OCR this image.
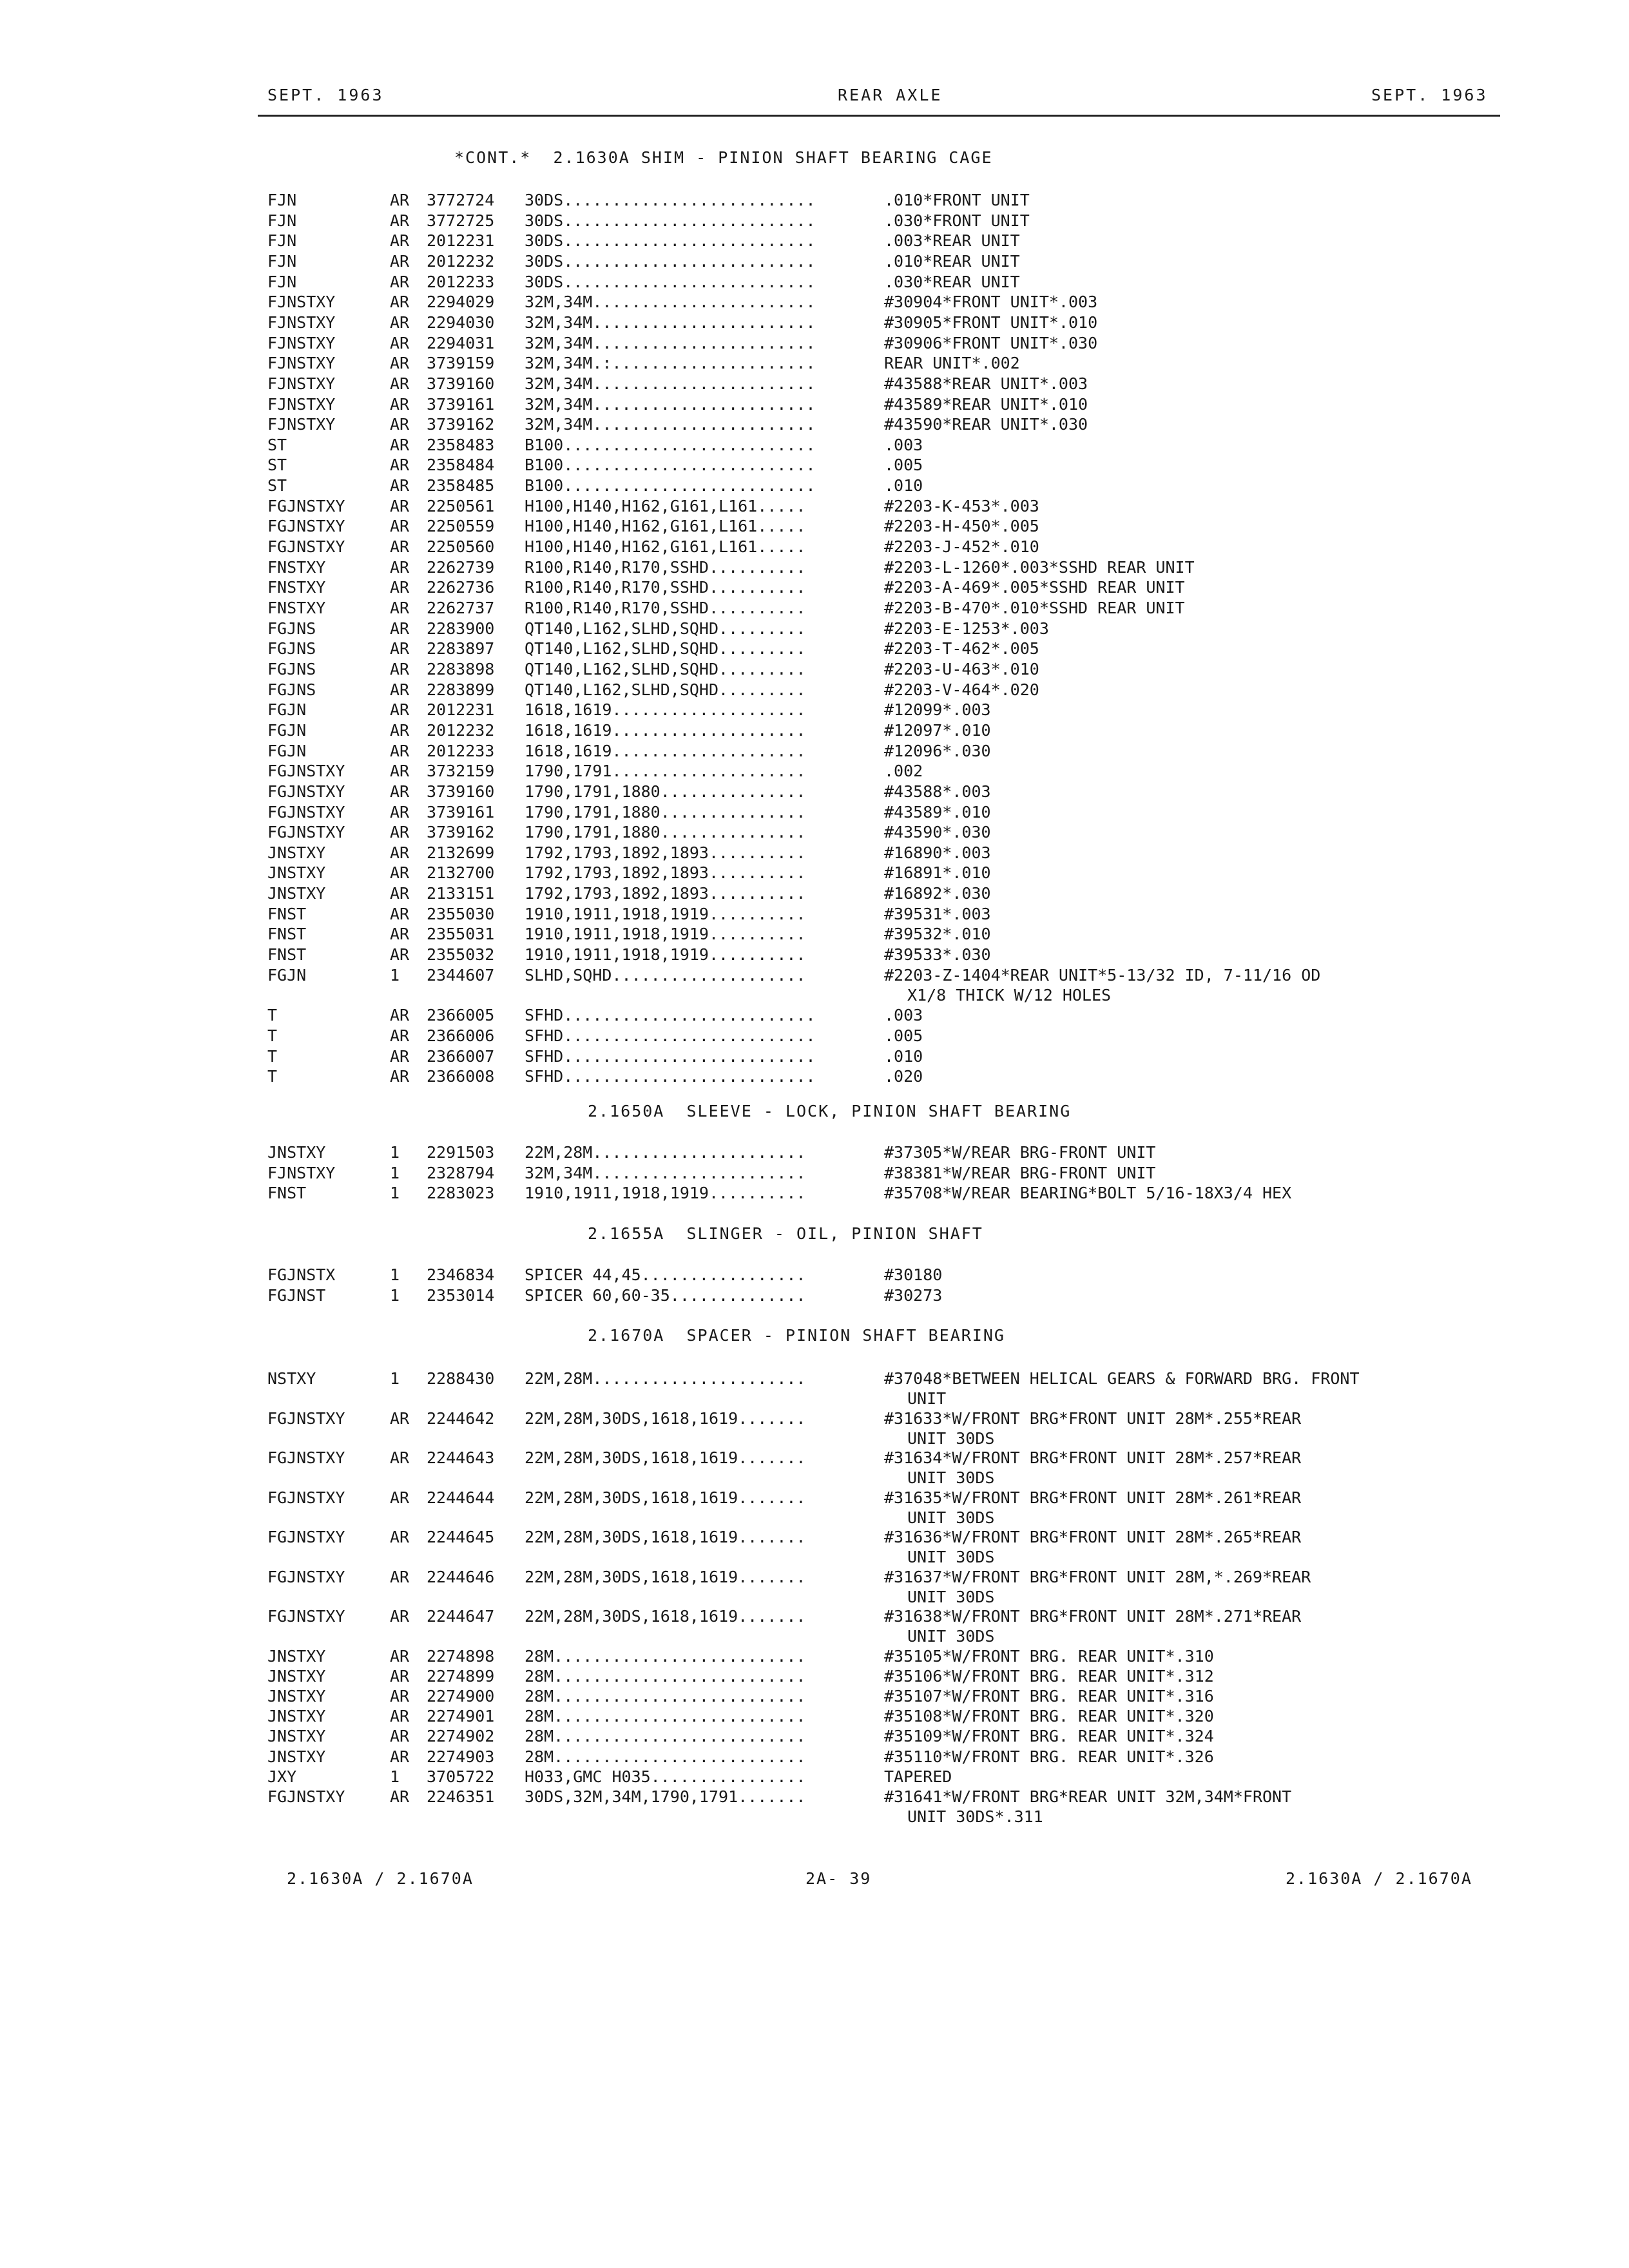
SEPT. 1963	REAR AXLE	SEPT. 1963
*CONT.*  2.1630A SHIM - PINION SHAFT BEARING CAGE
FJN	AR 3772724 30DS..........................	.010*FRONT UNIT
FJN	AR 3772725 30DS..........................	.030*FRONT UNIT
FJN	AR 2012231 30DS..........................	.003*REAR UNIT
FJN	AR 2012232 30DS..........................	.010*REAR UNIT
FJN	AR 2012233 30DS..........................	.030*REAR UNIT
FJNSTXY	AR 2294029 32M,34M.......................	#30904*FRONT UNIT*.003
FJNSTXY	AR 2294030 32M,34M.......................	#30905*FRONT UNIT*.010
FJNSTXY	AR 2294031 32M,34M.......................	#30906*FRONT UNIT*.030
FJNSTXY	AR 3739159 32M,34M.:.....................	REAR UNIT*.002
FJNSTXY	AR 3739160 32M,34M.......................	#43588*REAR UNIT*.003
FJNSTXY	AR 3739161 32M,34M.......................	#43589*REAR UNIT*.010
FJNSTXY	AR 3739162 32M,34M.......................	#43590*REAR UNIT*.030
ST	AR 2358483 B100..........................	.003
ST	AR 2358484 B100..........................	.005
ST	AR 2358485 B100..........................	.010
FGJNSTXY	AR 2250561 H100,H140,H162,G161,L161.....	#2203-K-453*.003
FGJNSTXY	AR 2250559 H100,H140,H162,G161,L161.....	#2203-H-450*.005
FGJNSTXY	AR 2250560 H100,H140,H162,G161,L161.....	#2203-J-452*.010
FNSTXY	AR 2262739 R100,R140,R170,SSHD..........	#2203-L-1260*.003*SSHD REAR UNIT
FNSTXY	AR 2262736 R100,R140,R170,SSHD..........	#2203-A-469*.005*SSHD REAR UNIT
FNSTXY	AR 2262737 R100,R140,R170,SSHD..........	#2203-B-470*.010*SSHD REAR UNIT
FGJNS	AR 2283900 QT140,L162,SLHD,SQHD.........	#2203-E-1253*.003
FGJNS	AR 2283897 QT140,L162,SLHD,SQHD.........	#2203-T-462*.005
FGJNS	AR 2283898 QT140,L162,SLHD,SQHD.........	#2203-U-463*.010
FGJNS	AR 2283899 QT140,L162,SLHD,SQHD.........	#2203-V-464*.020
FGJN	AR 2012231 1618,1619....................	#12099*.003
FGJN	AR 2012232 1618,1619....................	#12097*.010
FGJN	AR 2012233 1618,1619....................	#12096*.030
FGJNSTXY	AR 3732159 1790,1791....................	.002
FGJNSTXY	AR 3739160 1790,1791,1880...............	#43588*.003
FGJNSTXY	AR 3739161 1790,1791,1880...............	#43589*.010
FGJNSTXY	AR 3739162 1790,1791,1880...............	#43590*.030
JNSTXY	AR 2132699 1792,1793,1892,1893..........	#16890*.003
JNSTXY	AR 2132700 1792,1793,1892,1893..........	#16891*.010
JNSTXY	AR 2133151 1792,1793,1892,1893..........	#16892*.030
FNST	AR 2355030 1910,1911,1918,1919..........	#39531*.003
FNST	AR 2355031 1910,1911,1918,1919..........	#39532*.010
FNST	AR 2355032 1910,1911,1918,1919..........	#39533*.030
FGJN	1 2344607 SLHD,SQHD....................	#2203-Z-1404*REAR UNIT*5-13/32 ID, 7-11/16 OD
X1/8 THICK W/12 HOLES
T	AR 2366005 SFHD..........................	.003
T	AR 2366006 SFHD..........................	.005
T	AR 2366007 SFHD..........................	.010
T	AR 2366008 SFHD..........................	.020
2.1650A  SLEEVE - LOCK, PINION SHAFT BEARING
JNSTXY	1 2291503 22M,28M......................	#37305*W/REAR BRG-FRONT UNIT
FJNSTXY	1 2328794 32M,34M......................	#38381*W/REAR BRG-FRONT UNIT
FNST	1 2283023 1910,1911,1918,1919..........	#35708*W/REAR BEARING*BOLT 5/16-18X3/4 HEX
2.1655A  SLINGER - OIL, PINION SHAFT
FGJNSTX	1 2346834 SPICER 44,45.................	#30180
FGJNST	1 2353014 SPICER 60,60-35..............	#30273
2.1670A  SPACER - PINION SHAFT BEARING
NSTXY	1 2288430 22M,28M......................	#37048*BETWEEN HELICAL GEARS & FORWARD BRG. FRONT
UNIT
FGJNSTXY	AR 2244642 22M,28M,30DS,1618,1619.......	#31633*W/FRONT BRG*FRONT UNIT 28M*.255*REAR
UNIT 30DS
FGJNSTXY	AR 2244643 22M,28M,30DS,1618,1619.......	#31634*W/FRONT BRG*FRONT UNIT 28M*.257*REAR
UNIT 30DS
FGJNSTXY	AR 2244644 22M,28M,30DS,1618,1619.......	#31635*W/FRONT BRG*FRONT UNIT 28M*.261*REAR
UNIT 30DS
FGJNSTXY	AR 2244645 22M,28M,30DS,1618,1619.......	#31636*W/FRONT BRG*FRONT UNIT 28M*.265*REAR
UNIT 30DS
FGJNSTXY	AR 2244646 22M,28M,30DS,1618,1619.......	#31637*W/FRONT BRG*FRONT UNIT 28M,*.269*REAR
UNIT 30DS
FGJNSTXY	AR 2244647 22M,28M,30DS,1618,1619.......	#31638*W/FRONT BRG*FRONT UNIT 28M*.271*REAR
UNIT 30DS
JNSTXY	AR 2274898 28M..........................	#35105*W/FRONT BRG. REAR UNIT*.310
JNSTXY	AR 2274899 28M..........................	#35106*W/FRONT BRG. REAR UNIT*.312
JNSTXY	AR 2274900 28M..........................	#35107*W/FRONT BRG. REAR UNIT*.316
JNSTXY	AR 2274901 28M..........................	#35108*W/FRONT BRG. REAR UNIT*.320
JNSTXY	AR 2274902 28M..........................	#35109*W/FRONT BRG. REAR UNIT*.324
JNSTXY	AR 2274903 28M..........................	#35110*W/FRONT BRG. REAR UNIT*.326
JXY	1 3705722 H033,GMC H035................	TAPERED
FGJNSTXY	AR 2246351 30DS,32M,34M,1790,1791.......	#31641*W/FRONT BRG*REAR UNIT 32M,34M*FRONT
UNIT 30DS*.311
2.1630A / 2.1670A	2A- 39	2.1630A / 2.1670A
